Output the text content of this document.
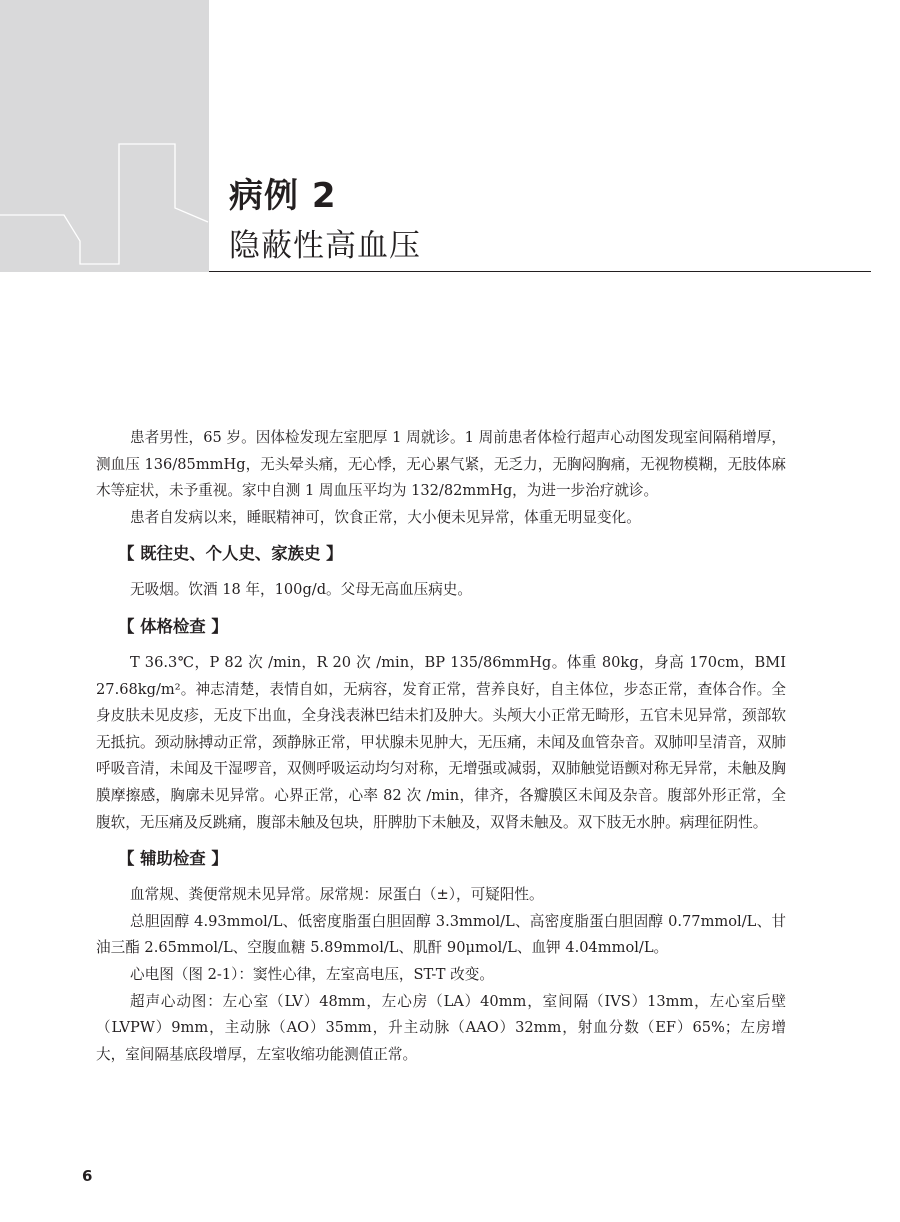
病例 2
隐蔽性高血压

患者男性，65 岁。因体检发现左室肥厚 1 周就诊。1 周前患者体检行超声心动图发现室间隔稍增厚，测血压 136/85mmHg，无头晕头痛，无心悸，无心累气紧，无乏力，无胸闷胸痛，无视物模糊，无肢体麻木等症状，未予重视。家中自测 1 周血压平均为 132/82mmHg，为进一步治疗就诊。

患者自发病以来，睡眠精神可，饮食正常，大小便未见异常，体重无明显变化。

【 既往史、个人史、家族史 】

无吸烟。饮酒 18 年，100g/d。父母无高血压病史。

【 体格检查 】

T 36.3℃，P 82 次 /min，R 20 次 /min，BP 135/86mmHg。体重 80kg，身高 170cm，BMI 27.68kg/m²。神志清楚，表情自如，无病容，发育正常，营养良好，自主体位，步态正常，查体合作。全身皮肤未见皮疹，无皮下出血，全身浅表淋巴结未扪及肿大。头颅大小正常无畸形，五官未见异常，颈部软无抵抗。颈动脉搏动正常，颈静脉正常，甲状腺未见肿大，无压痛，未闻及血管杂音。双肺叩呈清音，双肺呼吸音清，未闻及干湿啰音，双侧呼吸运动均匀对称，无增强或减弱，双肺触觉语颤对称无异常，未触及胸膜摩擦感，胸廓未见异常。心界正常，心率 82 次 /min，律齐，各瓣膜区未闻及杂音。腹部外形正常，全腹软，无压痛及反跳痛，腹部未触及包块，肝脾肋下未触及，双肾未触及。双下肢无水肿。病理征阴性。

【 辅助检查 】

血常规、粪便常规未见异常。尿常规：尿蛋白（±），可疑阳性。

总胆固醇 4.93mmol/L、低密度脂蛋白胆固醇 3.3mmol/L、高密度脂蛋白胆固醇 0.77mmol/L、甘油三酯 2.65mmol/L、空腹血糖 5.89mmol/L、肌酐 90μmol/L、血钾 4.04mmol/L。

心电图（图 2-1）：窦性心律，左室高电压，ST-T 改变。

超声心动图：左心室（LV）48mm，左心房（LA）40mm，室间隔（IVS）13mm，左心室后壁（LVPW）9mm，主动脉（AO）35mm，升主动脉（AAO）32mm，射血分数（EF）65%；左房增大，室间隔基底段增厚，左室收缩功能测值正常。

6
